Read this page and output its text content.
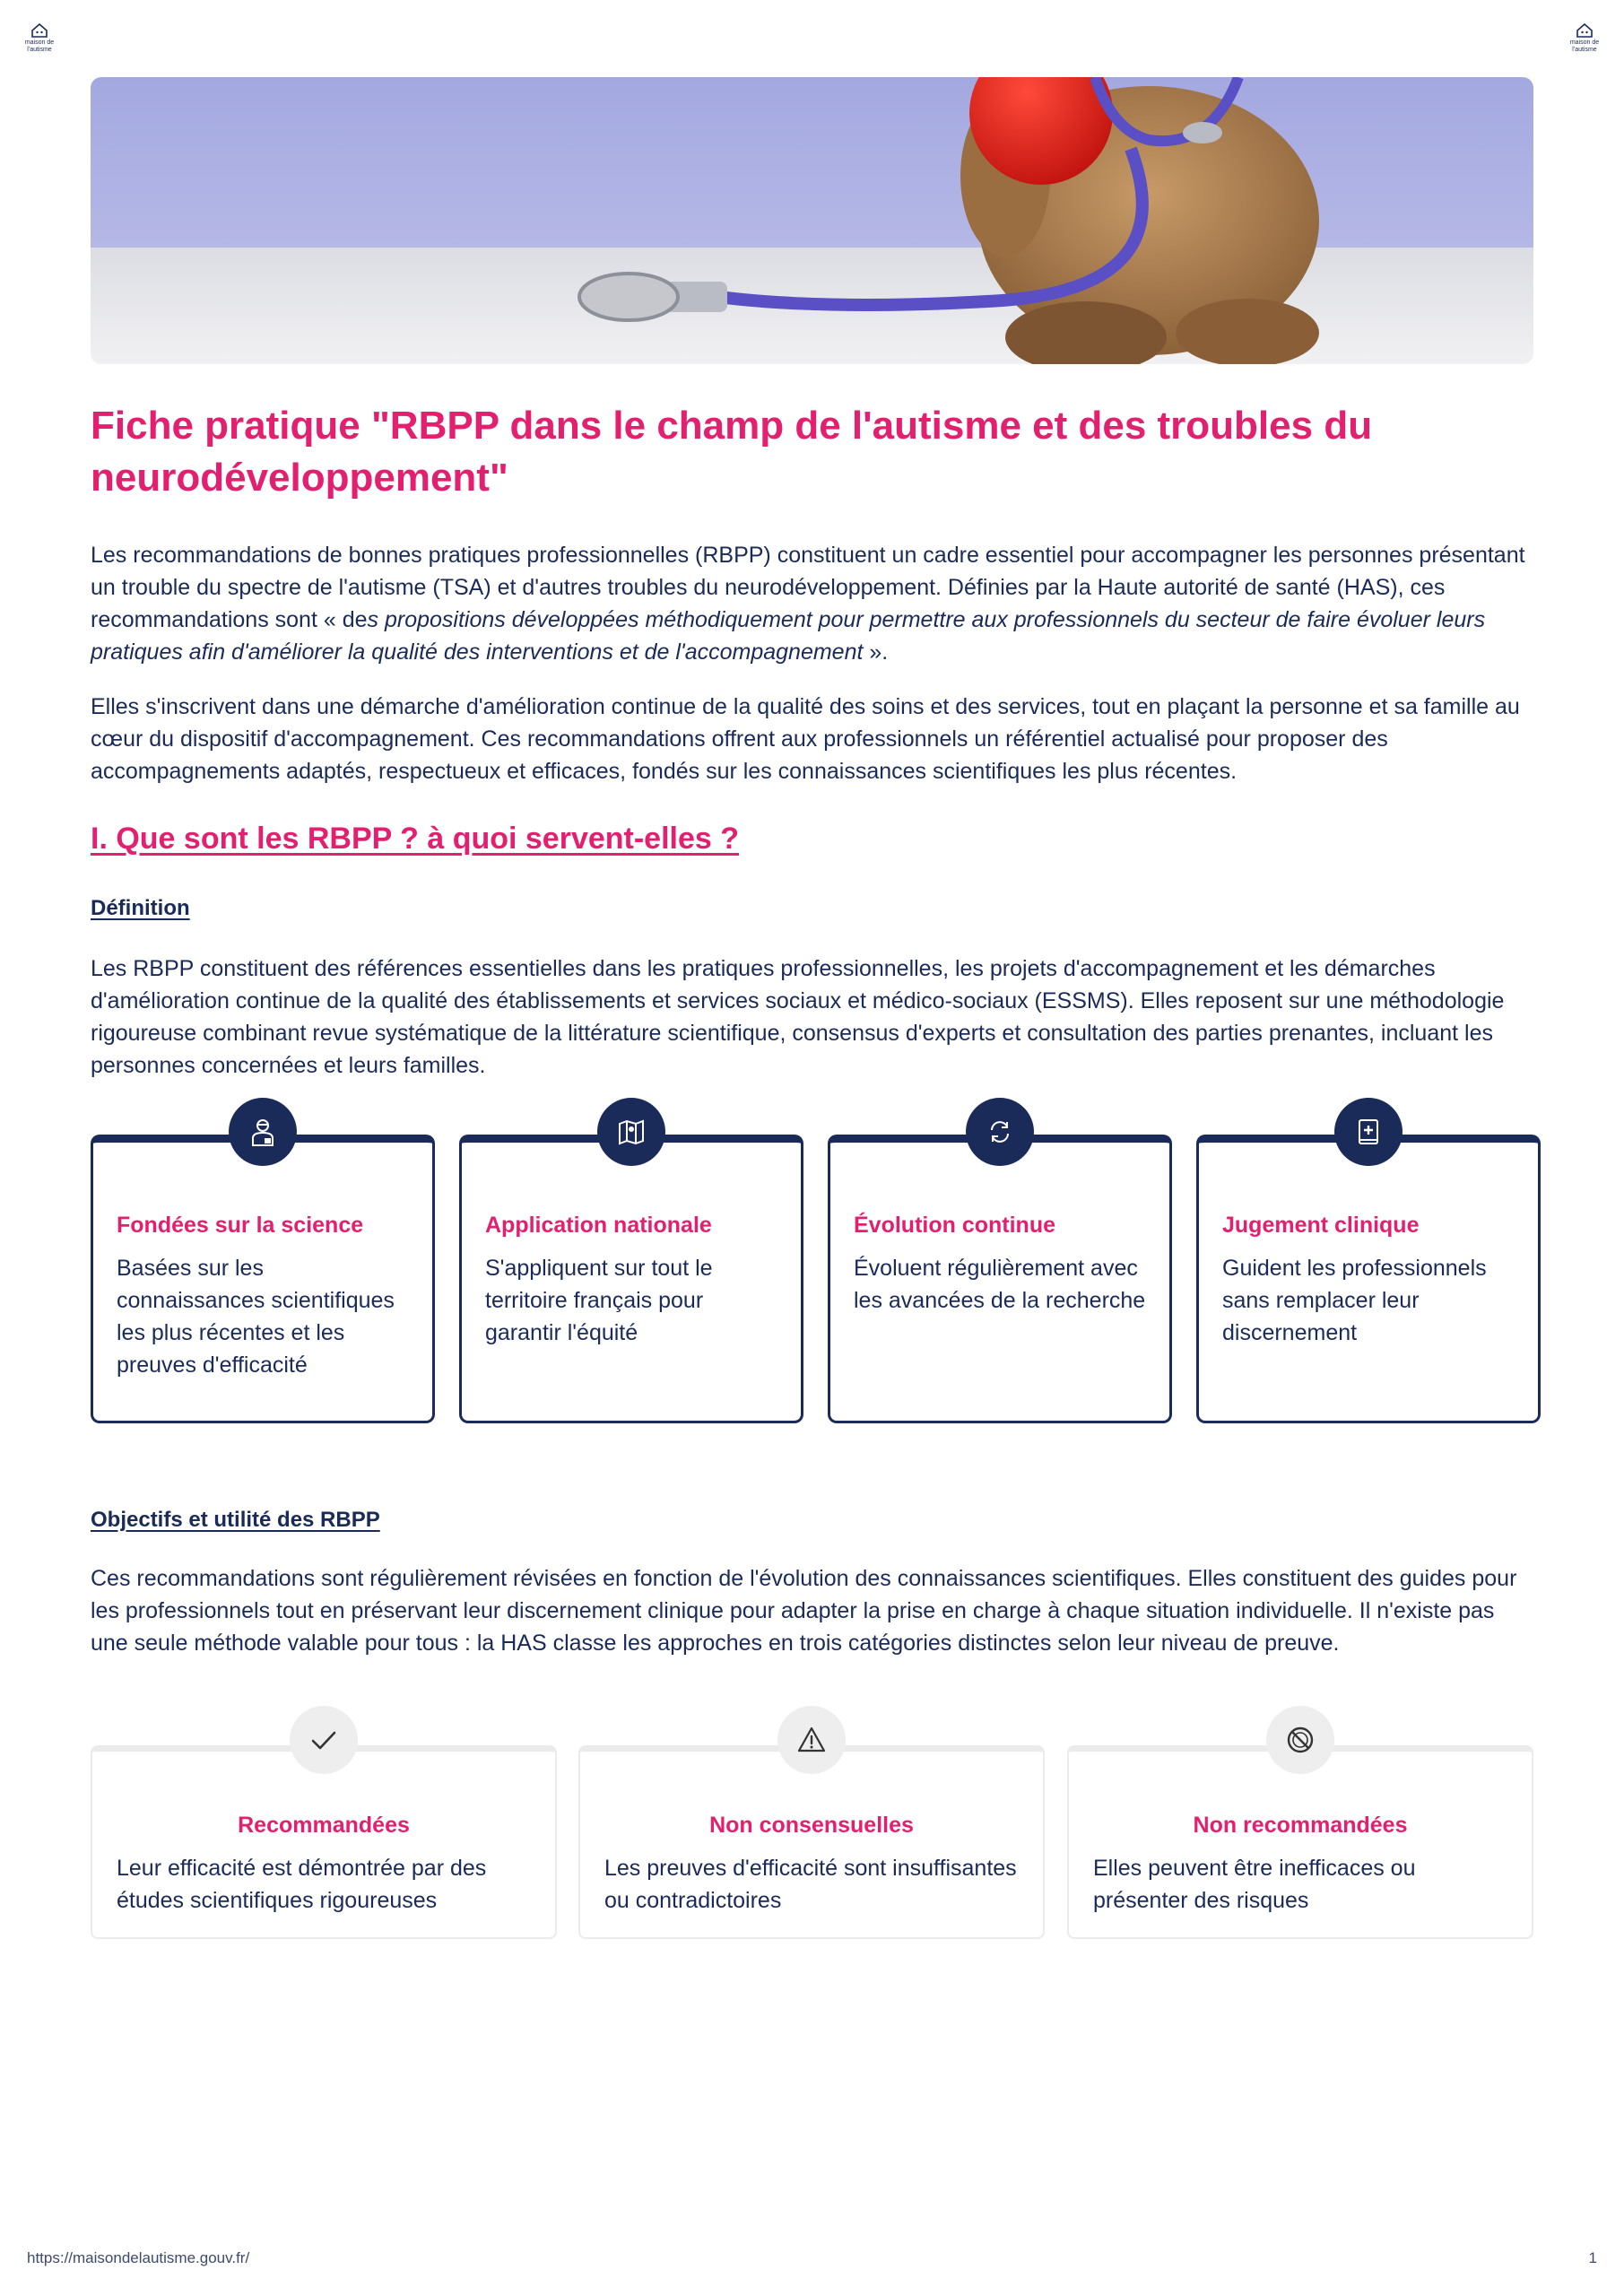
maison de l'autisme
maison de l'autisme
Fiche pratique "RBPP dans le champ de l'autisme et des troubles du neurodéveloppement"

Les recommandations de bonnes pratiques professionnelles (RBPP) constituent un cadre essentiel pour accompagner les personnes présentant un trouble du spectre de l'autisme (TSA) et d'autres troubles du neurodéveloppement. Définies par la Haute autorité de santé (HAS), ces recommandations sont « des propositions développées méthodiquement pour permettre aux professionnels du secteur de faire évoluer leurs pratiques afin d'améliorer la qualité des interventions et de l'accompagnement ».

Elles s'inscrivent dans une démarche d'amélioration continue de la qualité des soins et des services, tout en plaçant la personne et sa famille au cœur du dispositif d'accompagnement. Ces recommandations offrent aux professionnels un référentiel actualisé pour proposer des accompagnements adaptés, respectueux et efficaces, fondés sur les connaissances scientifiques les plus récentes.

I. Que sont les RBPP ? à quoi servent-elles ?
Définition

Les RBPP constituent des références essentielles dans les pratiques professionnelles, les projets d'accompagnement et les démarches d'amélioration continue de la qualité des établissements et services sociaux et médico-sociaux (ESSMS). Elles reposent sur une méthodologie rigoureuse combinant revue systématique de la littérature scientifique, consensus d'experts et consultation des parties prenantes, incluant les personnes concernées et leurs familles.

Fondées sur la science
Basées sur les connaissances scientifiques les plus récentes et les preuves d'efficacité
Application nationale
S'appliquent sur tout le territoire français pour garantir l'équité
Évolution continue
Évoluent régulièrement avec les avancées de la recherche
Jugement clinique
Guident les professionnels sans remplacer leur discernement
Objectifs et utilité des RBPP

Ces recommandations sont régulièrement révisées en fonction de l'évolution des connaissances scientifiques. Elles constituent des guides pour les professionnels tout en préservant leur discernement clinique pour adapter la prise en charge à chaque situation individuelle. Il n'existe pas une seule méthode valable pour tous : la HAS classe les approches en trois catégories distinctes selon leur niveau de preuve.

Recommandées
Leur efficacité est démontrée par des études scientifiques rigoureuses
Non consensuelles
Les preuves d'efficacité sont insuffisantes ou contradictoires
Non recommandées
Elles peuvent être inefficaces ou présenter des risques
https://maisondelautisme.gouv.fr/	1
